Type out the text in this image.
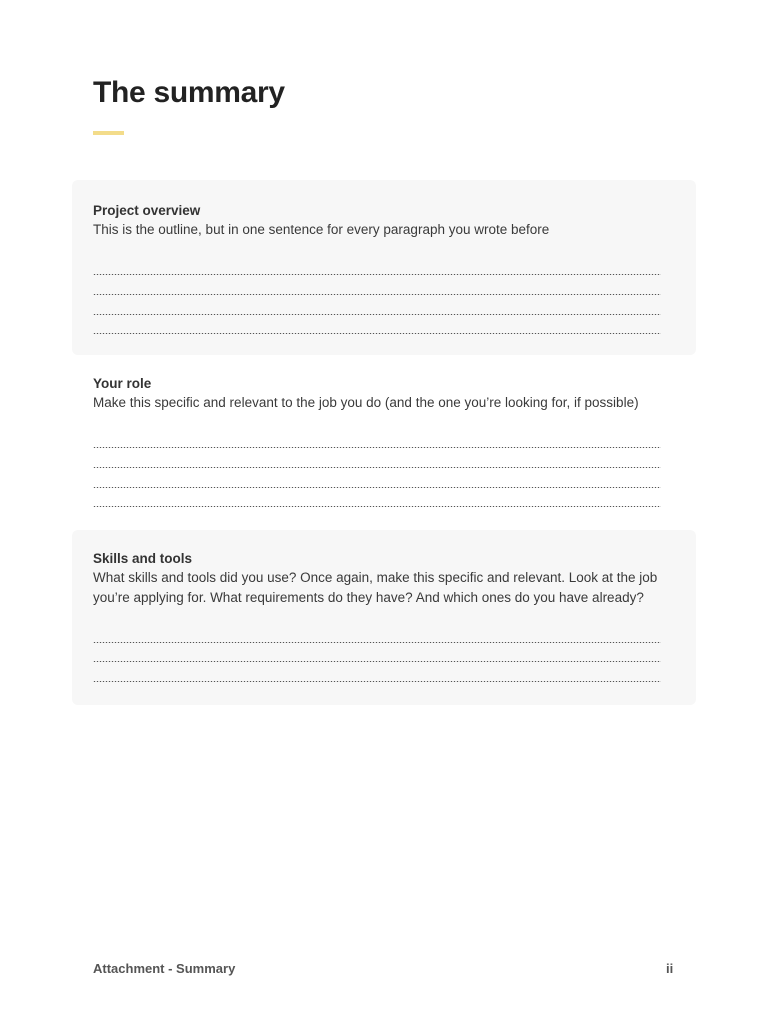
The summary
Project overview
This is the outline, but in one sentence for every paragraph you wrote before
Your role
Make this specific and relevant to the job you do (and the one you’re looking for, if possible)
Skills and tools
What skills and tools did you use? Once again, make this specific and relevant. Look at the job you’re applying for. What requirements do they have? And which ones do you have already?
Attachment - Summary	ii
